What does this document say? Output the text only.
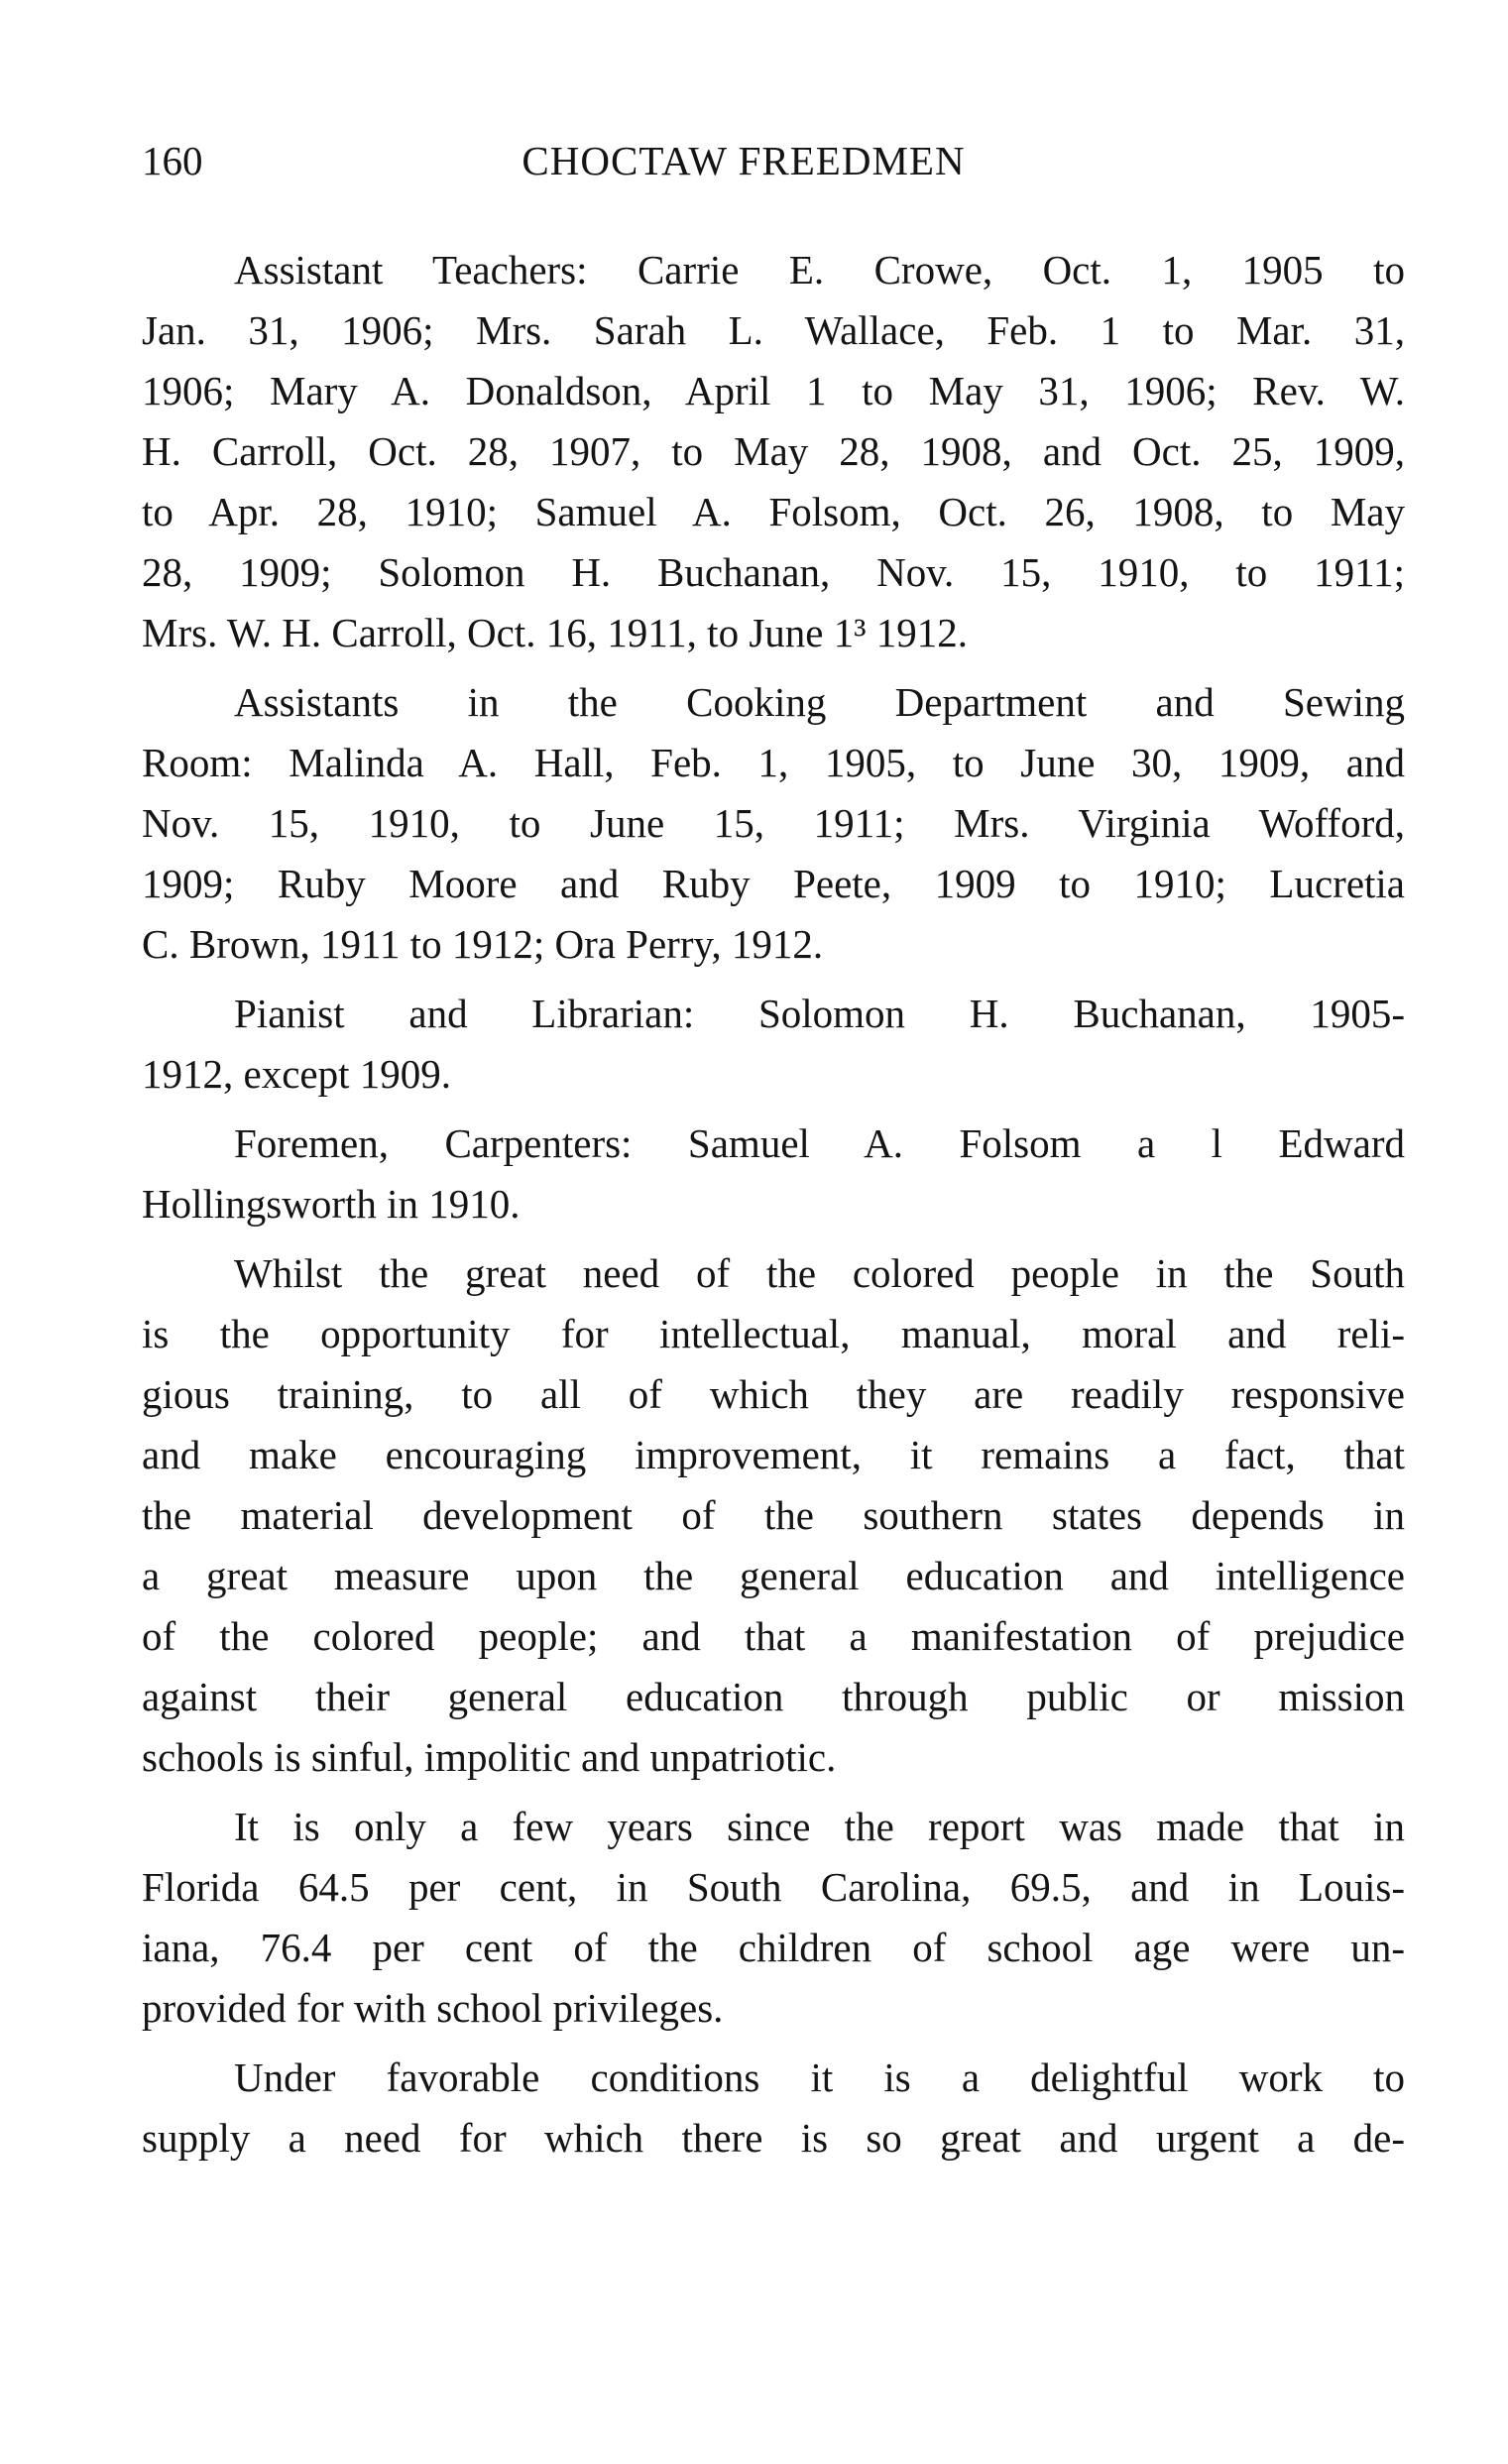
160	CHOCTAW FREEDMEN
Assistant Teachers: Carrie E. Crowe, Oct. 1, 1905 to
Jan. 31, 1906; Mrs. Sarah L. Wallace, Feb. 1 to Mar. 31,
1906; Mary A. Donaldson, April 1 to May 31, 1906; Rev. W.
H. Carroll, Oct. 28, 1907, to May 28, 1908, and Oct. 25, 1909,
to Apr. 28, 1910; Samuel A. Folsom, Oct. 26, 1908, to May
28, 1909; Solomon H. Buchanan, Nov. 15, 1910, to 1911;
Mrs. W. H. Carroll, Oct. 16, 1911, to June 1³ 1912.
Assistants in the Cooking Department and Sewing
Room: Malinda A. Hall, Feb. 1, 1905, to June 30, 1909, and
Nov. 15, 1910, to June 15, 1911; Mrs. Virginia Wofford,
1909; Ruby Moore and Ruby Peete, 1909 to 1910; Lucretia
C. Brown, 1911 to 1912; Ora Perry, 1912.
Pianist and Librarian: Solomon H. Buchanan, 1905-
1912, except 1909.
Foremen, Carpenters: Samuel A. Folsom a l Edward
Hollingsworth in 1910.
Whilst the great need of the colored people in the South
is the opportunity for intellectual, manual, moral and reli-
gious training, to all of which they are readily responsive
and make encouraging improvement, it remains a fact, that
the material development of the southern states depends in
a great measure upon the general education and intelligence
of the colored people; and that a manifestation of prejudice
against their general education through public or mission
schools is sinful, impolitic and unpatriotic.
It is only a few years since the report was made that in
Florida 64.5 per cent, in South Carolina, 69.5, and in Louis-
iana, 76.4 per cent of the children of school age were un-
provided for with school privileges.
Under favorable conditions it is a delightful work to
supply a need for which there is so great and urgent a de-
